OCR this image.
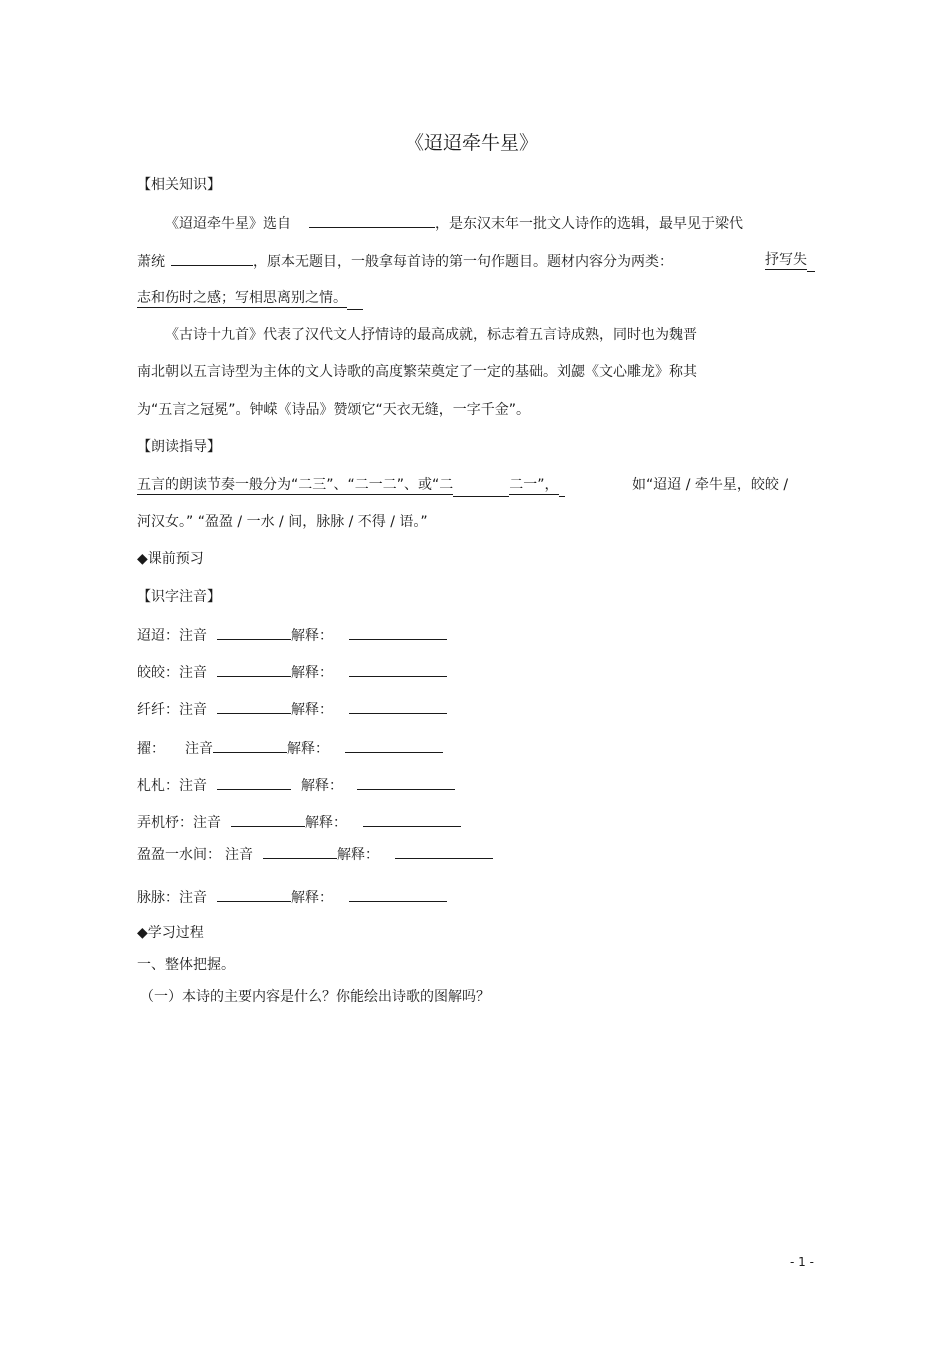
《迢迢牵牛星》
【相关知识】
《迢迢牵牛星》选自	，是东汉末年一批文人诗作的选辑，最早见于梁代
萧统	，原本无题目，一般拿每首诗的第一句作题目。题材内容分为两类：	抒写失
志和伤时之感；写相思离别之情。
《古诗十九首》代表了汉代文人抒情诗的最高成就，标志着五言诗成熟，同时也为魏晋
南北朝以五言诗型为主体的文人诗歌的高度繁荣奠定了一定的基础。刘勰《文心雕龙》称其
为“五言之冠冕”。钟嵘《诗品》赞颂它“天衣无缝，一字千金”。
【朗读指导】
五言的朗读节奏一般分为“二三”、“二一二”、或“二	二一”，	如“迢迢 / 牵牛星，皎皎 /
河汉女。” “盈盈 / 一水 / 间，脉脉 / 不得 / 语。”
◆课前预习
【识字注音】
迢迢：注音	解释：
皎皎：注音	解释：
纤纤：注音	解释：
擢： 注音	解释：
札札：注音	解释：
弄机杼：注音	解释：
盈盈一水间： 注音	解释：
脉脉：注音	解释：
◆学习过程
一、整体把握。
（一）本诗的主要内容是什么？你能绘出诗歌的图解吗？
- 1 -
